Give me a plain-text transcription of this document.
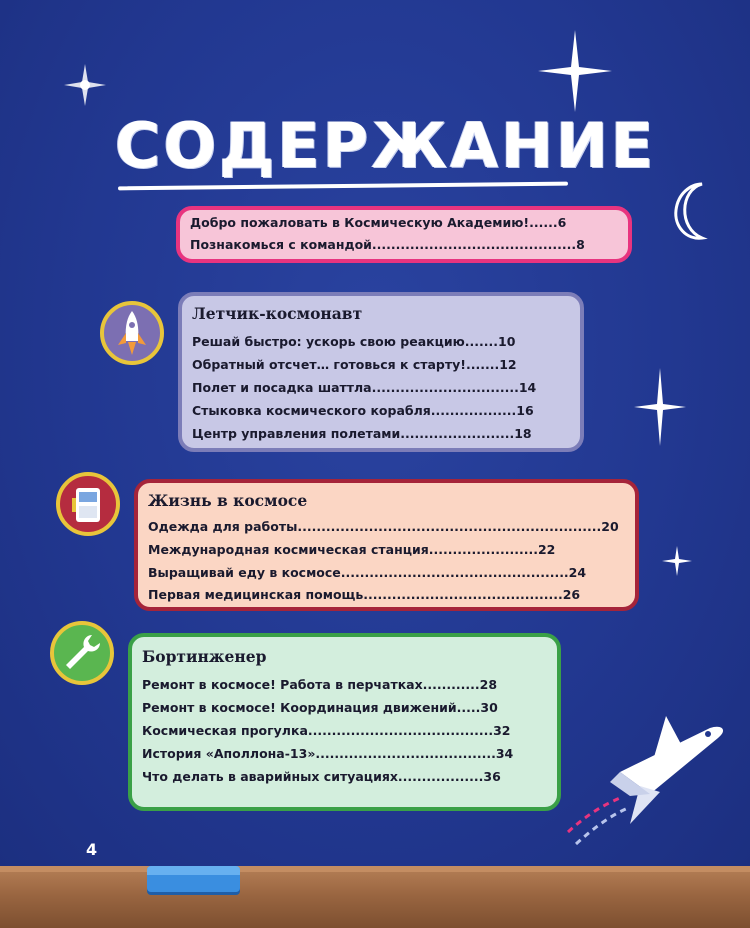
СОДЕРЖАНИЕ
Добро пожаловать в Космическую Академию!......6
Познакомься с командой...........................................8
Летчик-космонавт
Решай быстро: ускорь свою реакцию.......10
Обратный отсчет… готовься к старту!.......12
Полет и посадка шаттла...............................14
Стыковка космического корабля..................16
Центр управления полетами........................18
Жизнь в космосе
Одежда для работы................................................................20
Международная космическая станция.......................22
Выращивай еду в космосе................................................24
Первая медицинская помощь..........................................26
Бортинженер
Ремонт в космосе! Работа в перчатках............28
Ремонт в космосе! Координация движений.....30
Космическая прогулка.......................................32
История «Аполлона-13»......................................34
Что делать в аварийных ситуациях..................36
4
